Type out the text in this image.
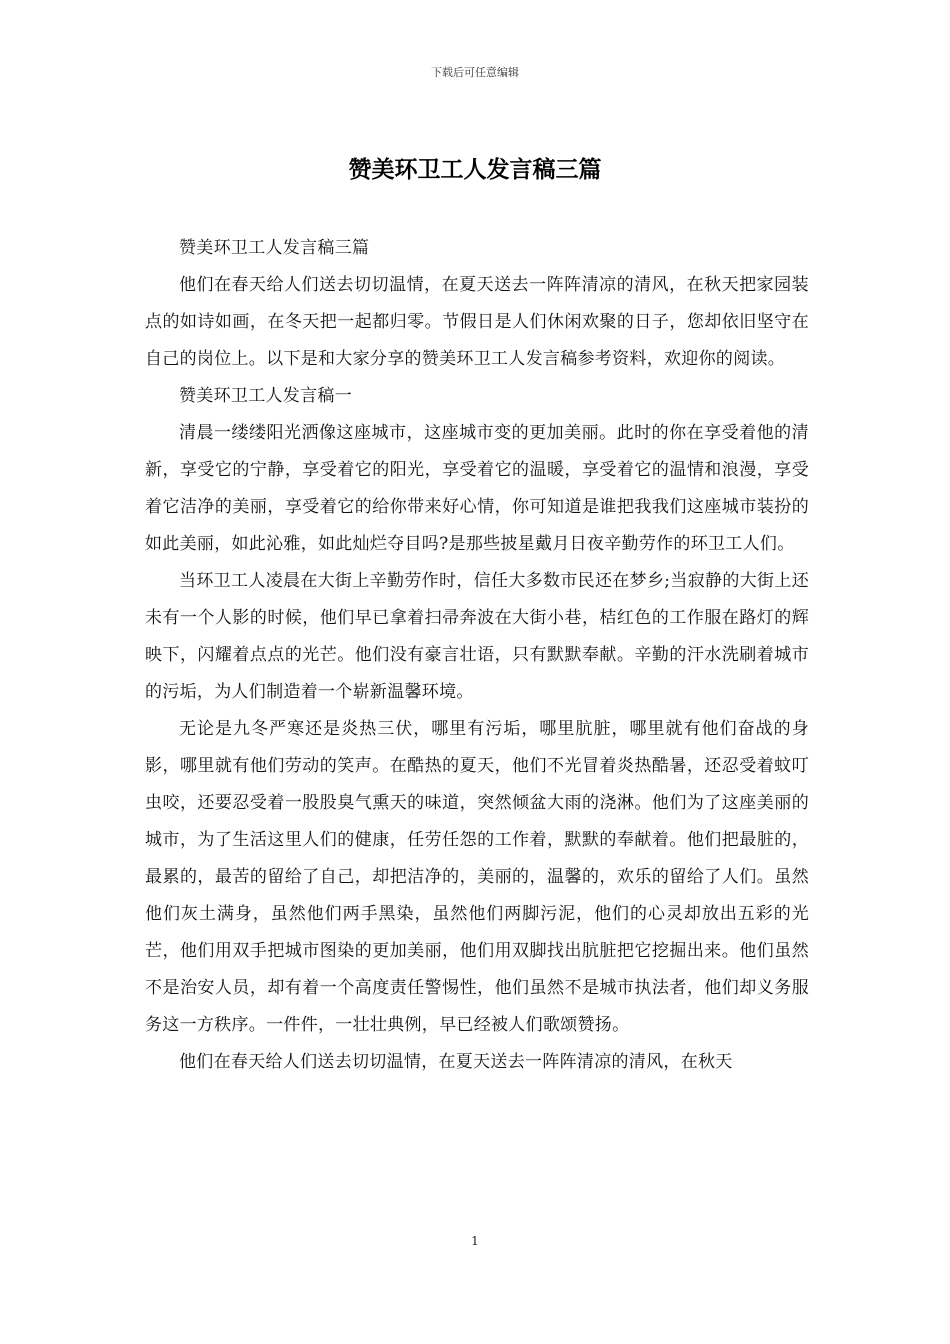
下载后可任意编辑
赞美环卫工人发言稿三篇

赞美环卫工人发言稿三篇

他们在春天给人们送去切切温情，在夏天送去一阵阵清凉的清风，在秋天把家园装点的如诗如画，在冬天把一起都归零。节假日是人们休闲欢聚的日子，您却依旧坚守在自己的岗位上。以下是和大家分享的赞美环卫工人发言稿参考资料，欢迎你的阅读。

赞美环卫工人发言稿一

清晨一缕缕阳光洒像这座城市，这座城市变的更加美丽。此时的你在享受着他的清新，享受它的宁静，享受着它的阳光，享受着它的温暖，享受着它的温情和浪漫，享受着它洁净的美丽，享受着它的给你带来好心情，你可知道是谁把我我们这座城市装扮的如此美丽，如此沁雅，如此灿烂夺目吗?是那些披星戴月日夜辛勤劳作的环卫工人们。

当环卫工人凌晨在大街上辛勤劳作时，信任大多数市民还在梦乡;当寂静的大街上还未有一个人影的时候，他们早已拿着扫帚奔波在大街小巷，桔红色的工作服在路灯的辉映下，闪耀着点点的光芒。他们没有豪言壮语，只有默默奉献。辛勤的汗水洗刷着城市的污垢，为人们制造着一个崭新温馨环境。

无论是九冬严寒还是炎热三伏，哪里有污垢，哪里肮脏，哪里就有他们奋战的身影，哪里就有他们劳动的笑声。在酷热的夏天，他们不光冒着炎热酷暑，还忍受着蚊叮虫咬，还要忍受着一股股臭气熏天的味道，突然倾盆大雨的浇淋。他们为了这座美丽的城市，为了生活这里人们的健康，任劳任怨的工作着，默默的奉献着。他们把最脏的，最累的，最苦的留给了自己，却把洁净的，美丽的，温馨的，欢乐的留给了人们。虽然他们灰土满身，虽然他们两手黑染，虽然他们两脚污泥，他们的心灵却放出五彩的光芒，他们用双手把城市图染的更加美丽，他们用双脚找出肮脏把它挖掘出来。他们虽然不是治安人员，却有着一个高度责任警惕性，他们虽然不是城市执法者，他们却义务服务这一方秩序。一件件，一壮壮典例，早已经被人们歌颂赞扬。

他们在春天给人们送去切切温情，在夏天送去一阵阵清凉的清风，在秋天

1
